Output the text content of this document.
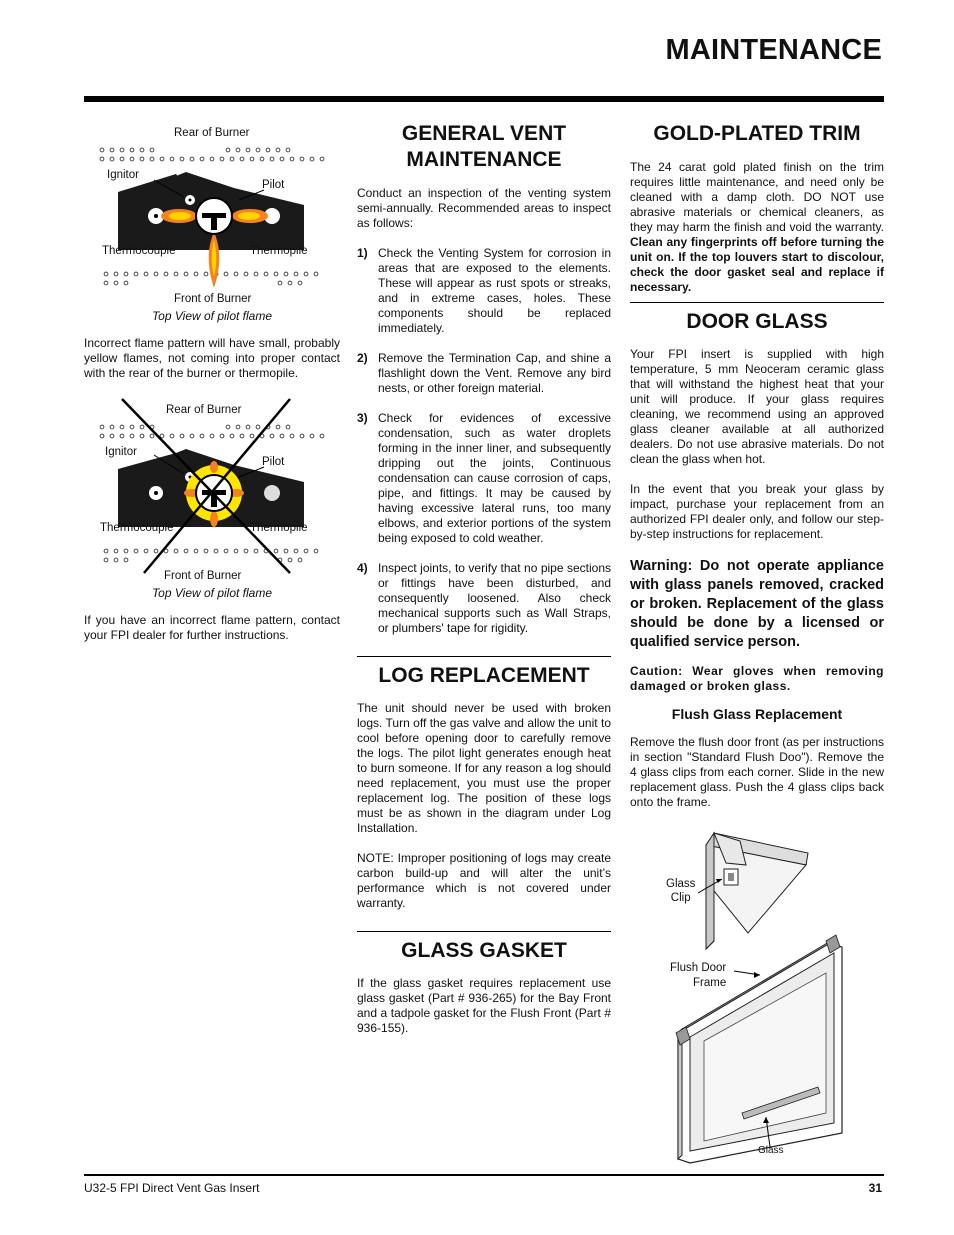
MAINTENANCE
Rear of Burner
Ignitor
Pilot
Thermocouple	Thermopile
Front of Burner
Top View of pilot flame

Incorrect flame pattern will have small, probably yellow flames, not coming into proper contact with the rear of the burner or thermopile.

Rear of Burner
Ignitor
Pilot
Thermocouple	Thermopile
Front of Burner
Top View of pilot flame

If you have an incorrect flame pattern, contact your FPI dealer for further instructions.

GENERAL VENT MAINTENANCE

Conduct an inspection of the venting system semi-annually. Recommended areas to inspect as follows:

1) Check the Venting System for corrosion in areas that are exposed to the elements. These will appear as rust spots or streaks, and in extreme cases, holes. These components should be replaced immediately.
2) Remove the Termination Cap, and shine a flashlight down the Vent. Remove any bird nests, or other foreign material.
3) Check for evidences of excessive condensation, such as water droplets forming in the inner liner, and subsequently dripping out the joints, Continuous condensation can cause corrosion of caps, pipe, and fittings. It may be caused by having excessive lateral runs, too many elbows, and exterior portions of the system being exposed to cold weather.
4) Inspect joints, to verify that no pipe sections or fittings have been disturbed, and consequently loosened. Also check mechanical supports such as Wall Straps, or plumbers' tape for rigidity.
LOG REPLACEMENT

The unit should never be used with broken logs. Turn off the gas valve and allow the unit to cool before opening door to carefully remove the logs. The pilot light generates enough heat to burn someone. If for any reason a log should need replacement, you must use the proper replacement log. The position of these logs must be as shown in the diagram under Log Installation.

NOTE: Improper positioning of logs may create carbon build-up and will alter the unit’s performance which is not covered under warranty.

GLASS GASKET

If the glass gasket requires replacement use glass gasket (Part # 936-265) for the Bay Front and a tadpole gasket for the Flush Front (Part # 936-155).

GOLD-PLATED TRIM

The 24 carat gold plated finish on the trim requires little maintenance, and need only be cleaned with a damp cloth. DO NOT use abrasive materials or chemical cleaners, as they may harm the finish and void the warranty. Clean any fingerprints off before turning the unit on. If the top louvers start to discolour, check the door gasket seal and replace if necessary.

DOOR GLASS

Your FPI insert is supplied with high temperature, 5 mm Neoceram ceramic glass that will withstand the highest heat that your unit will produce. If your glass requires cleaning, we recommend using an approved glass cleaner available at all authorized dealers. Do not use abrasive materials. Do not clean the glass when hot.

In the event that you break your glass by impact, purchase your replacement from an authorized FPI dealer only, and follow our step-by-step instructions for replacement.

Warning: Do not operate appliance with glass panels removed, cracked or broken. Replacement of the glass should be done by a licensed or qualified service person.

Caution: Wear gloves when removing damaged or broken glass.

Flush Glass Replacement

Remove the flush door front (as per instructions in section "Standard Flush Doo"). Remove the 4 glass clips from each corner. Slide in the new replacement glass. Push the 4 glass clips back onto the frame.

Glass
Clip
Flush Door
Frame
Glass
U32-5 FPI Direct Vent Gas Insert	31
